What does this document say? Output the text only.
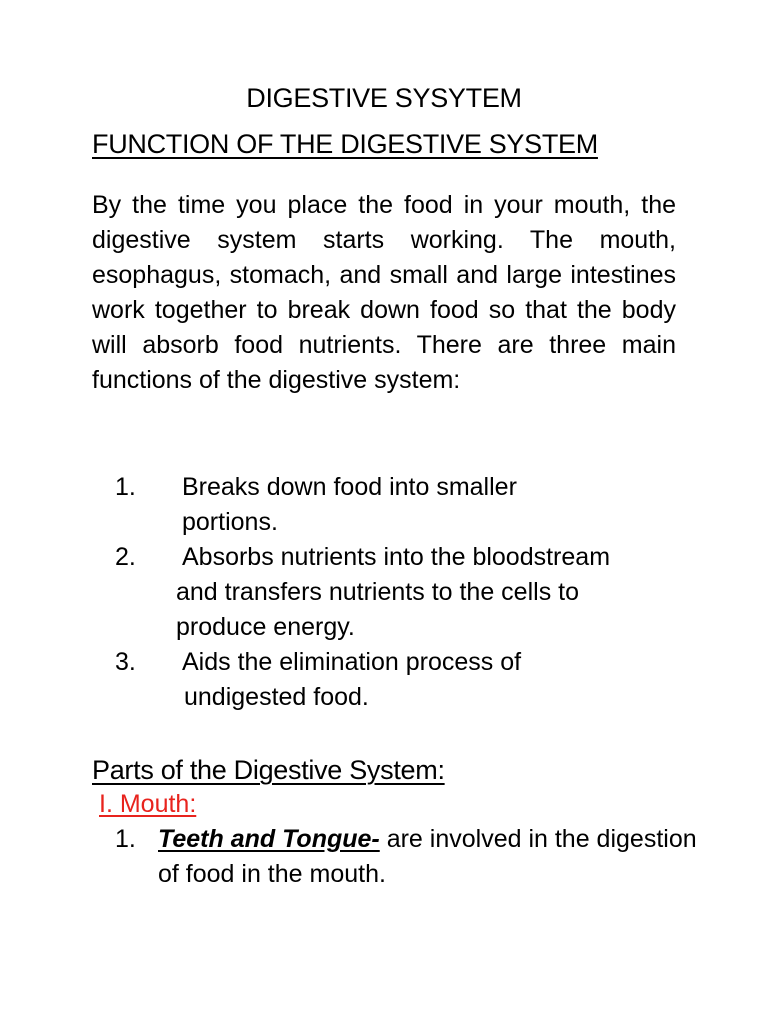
DIGESTIVE SYSYTEM
FUNCTION OF THE DIGESTIVE SYSTEM

By the time you place the food in your mouth, the digestive system starts working. The mouth, esophagus, stomach, and small and large intestines work together to break down food so that the body will absorb food nutrients. There are three main functions of the digestive system:

1. Breaks down food into smaller
portions.
2. Absorbs nutrients into the bloodstream
and transfers nutrients to the cells to
produce energy.
3. Aids the elimination process of
undigested food.
Parts of the Digestive System:
I. Mouth:
1. Teeth and Tongue- are involved in the digestion of food in the mouth.
